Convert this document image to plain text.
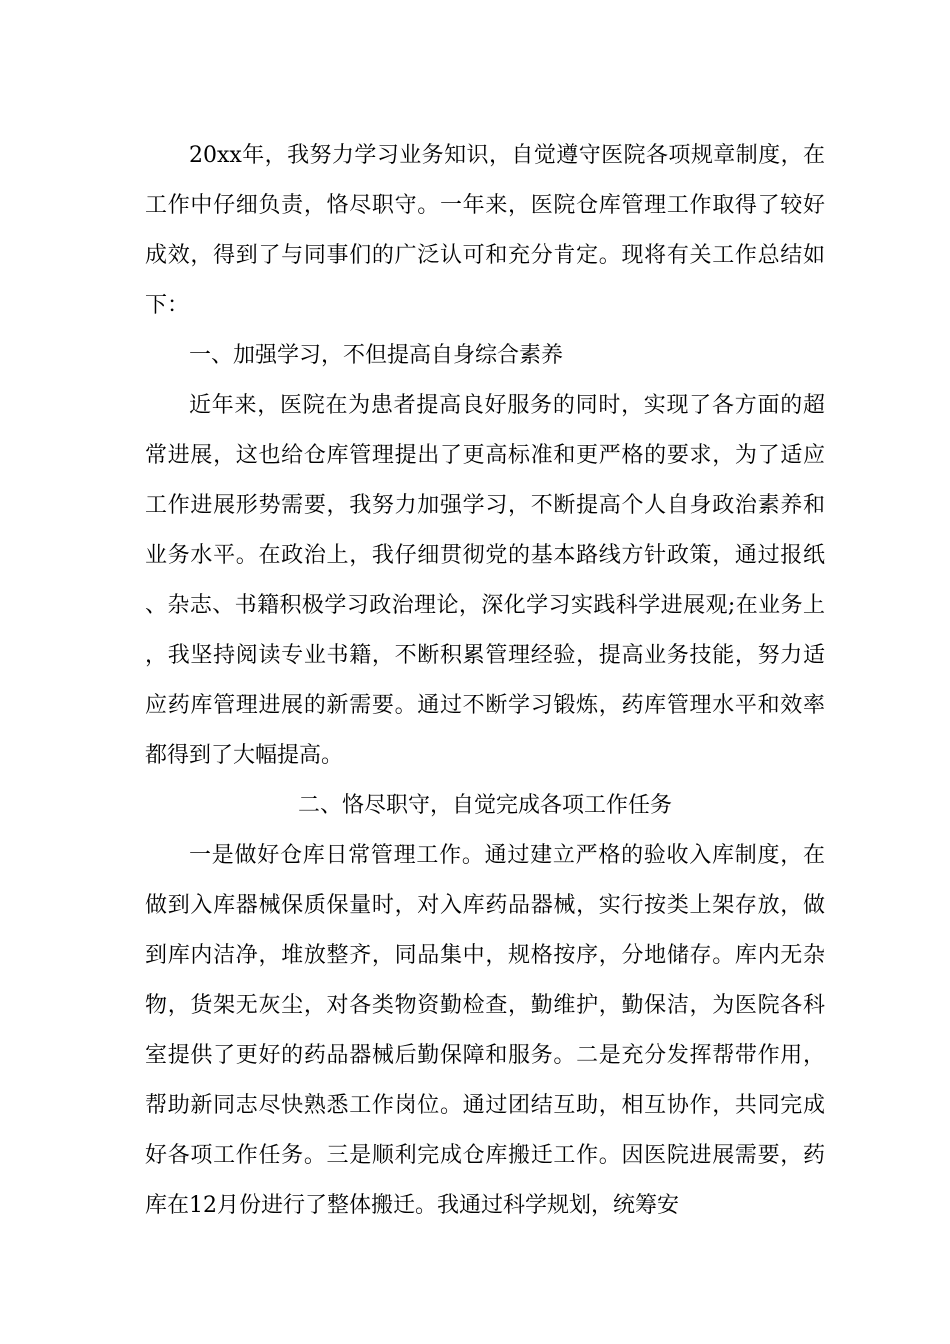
20xx年，我努力学习业务知识，自觉遵守医院各项规章制度，在工作中仔细负责，恪尽职守。一年来，医院仓库管理工作取得了较好成效，得到了与同事们的广泛认可和充分肯定。现将有关工作总结如下：

一、加强学习，不但提高自身综合素养

近年来，医院在为患者提高良好服务的同时，实现了各方面的超常进展，这也给仓库管理提出了更高标准和更严格的要求，为了适应工作进展形势需要，我努力加强学习，不断提高个人自身政治素养和业务水平。在政治上，我仔细贯彻党的基本路线方针政策，通过报纸、杂志、书籍积极学习政治理论，深化学习实践科学进展观;在业务上，我坚持阅读专业书籍，不断积累管理经验，提高业务技能，努力适应药库管理进展的新需要。通过不断学习锻炼，药库管理水平和效率都得到了大幅提高。

二、恪尽职守，自觉完成各项工作任务

一是做好仓库日常管理工作。通过建立严格的验收入库制度，在做到入库器械保质保量时，对入库药品器械，实行按类上架存放，做到库内洁净，堆放整齐，同品集中，规格按序，分地储存。库内无杂物，货架无灰尘，对各类物资勤检查，勤维护，勤保洁，为医院各科室提供了更好的药品器械后勤保障和服务。二是充分发挥帮带作用，帮助新同志尽快熟悉工作岗位。通过团结互助，相互协作，共同完成好各项工作任务。三是顺利完成仓库搬迁工作。因医院进展需要，药库在12月份进行了整体搬迁。我通过科学规划，统筹安
